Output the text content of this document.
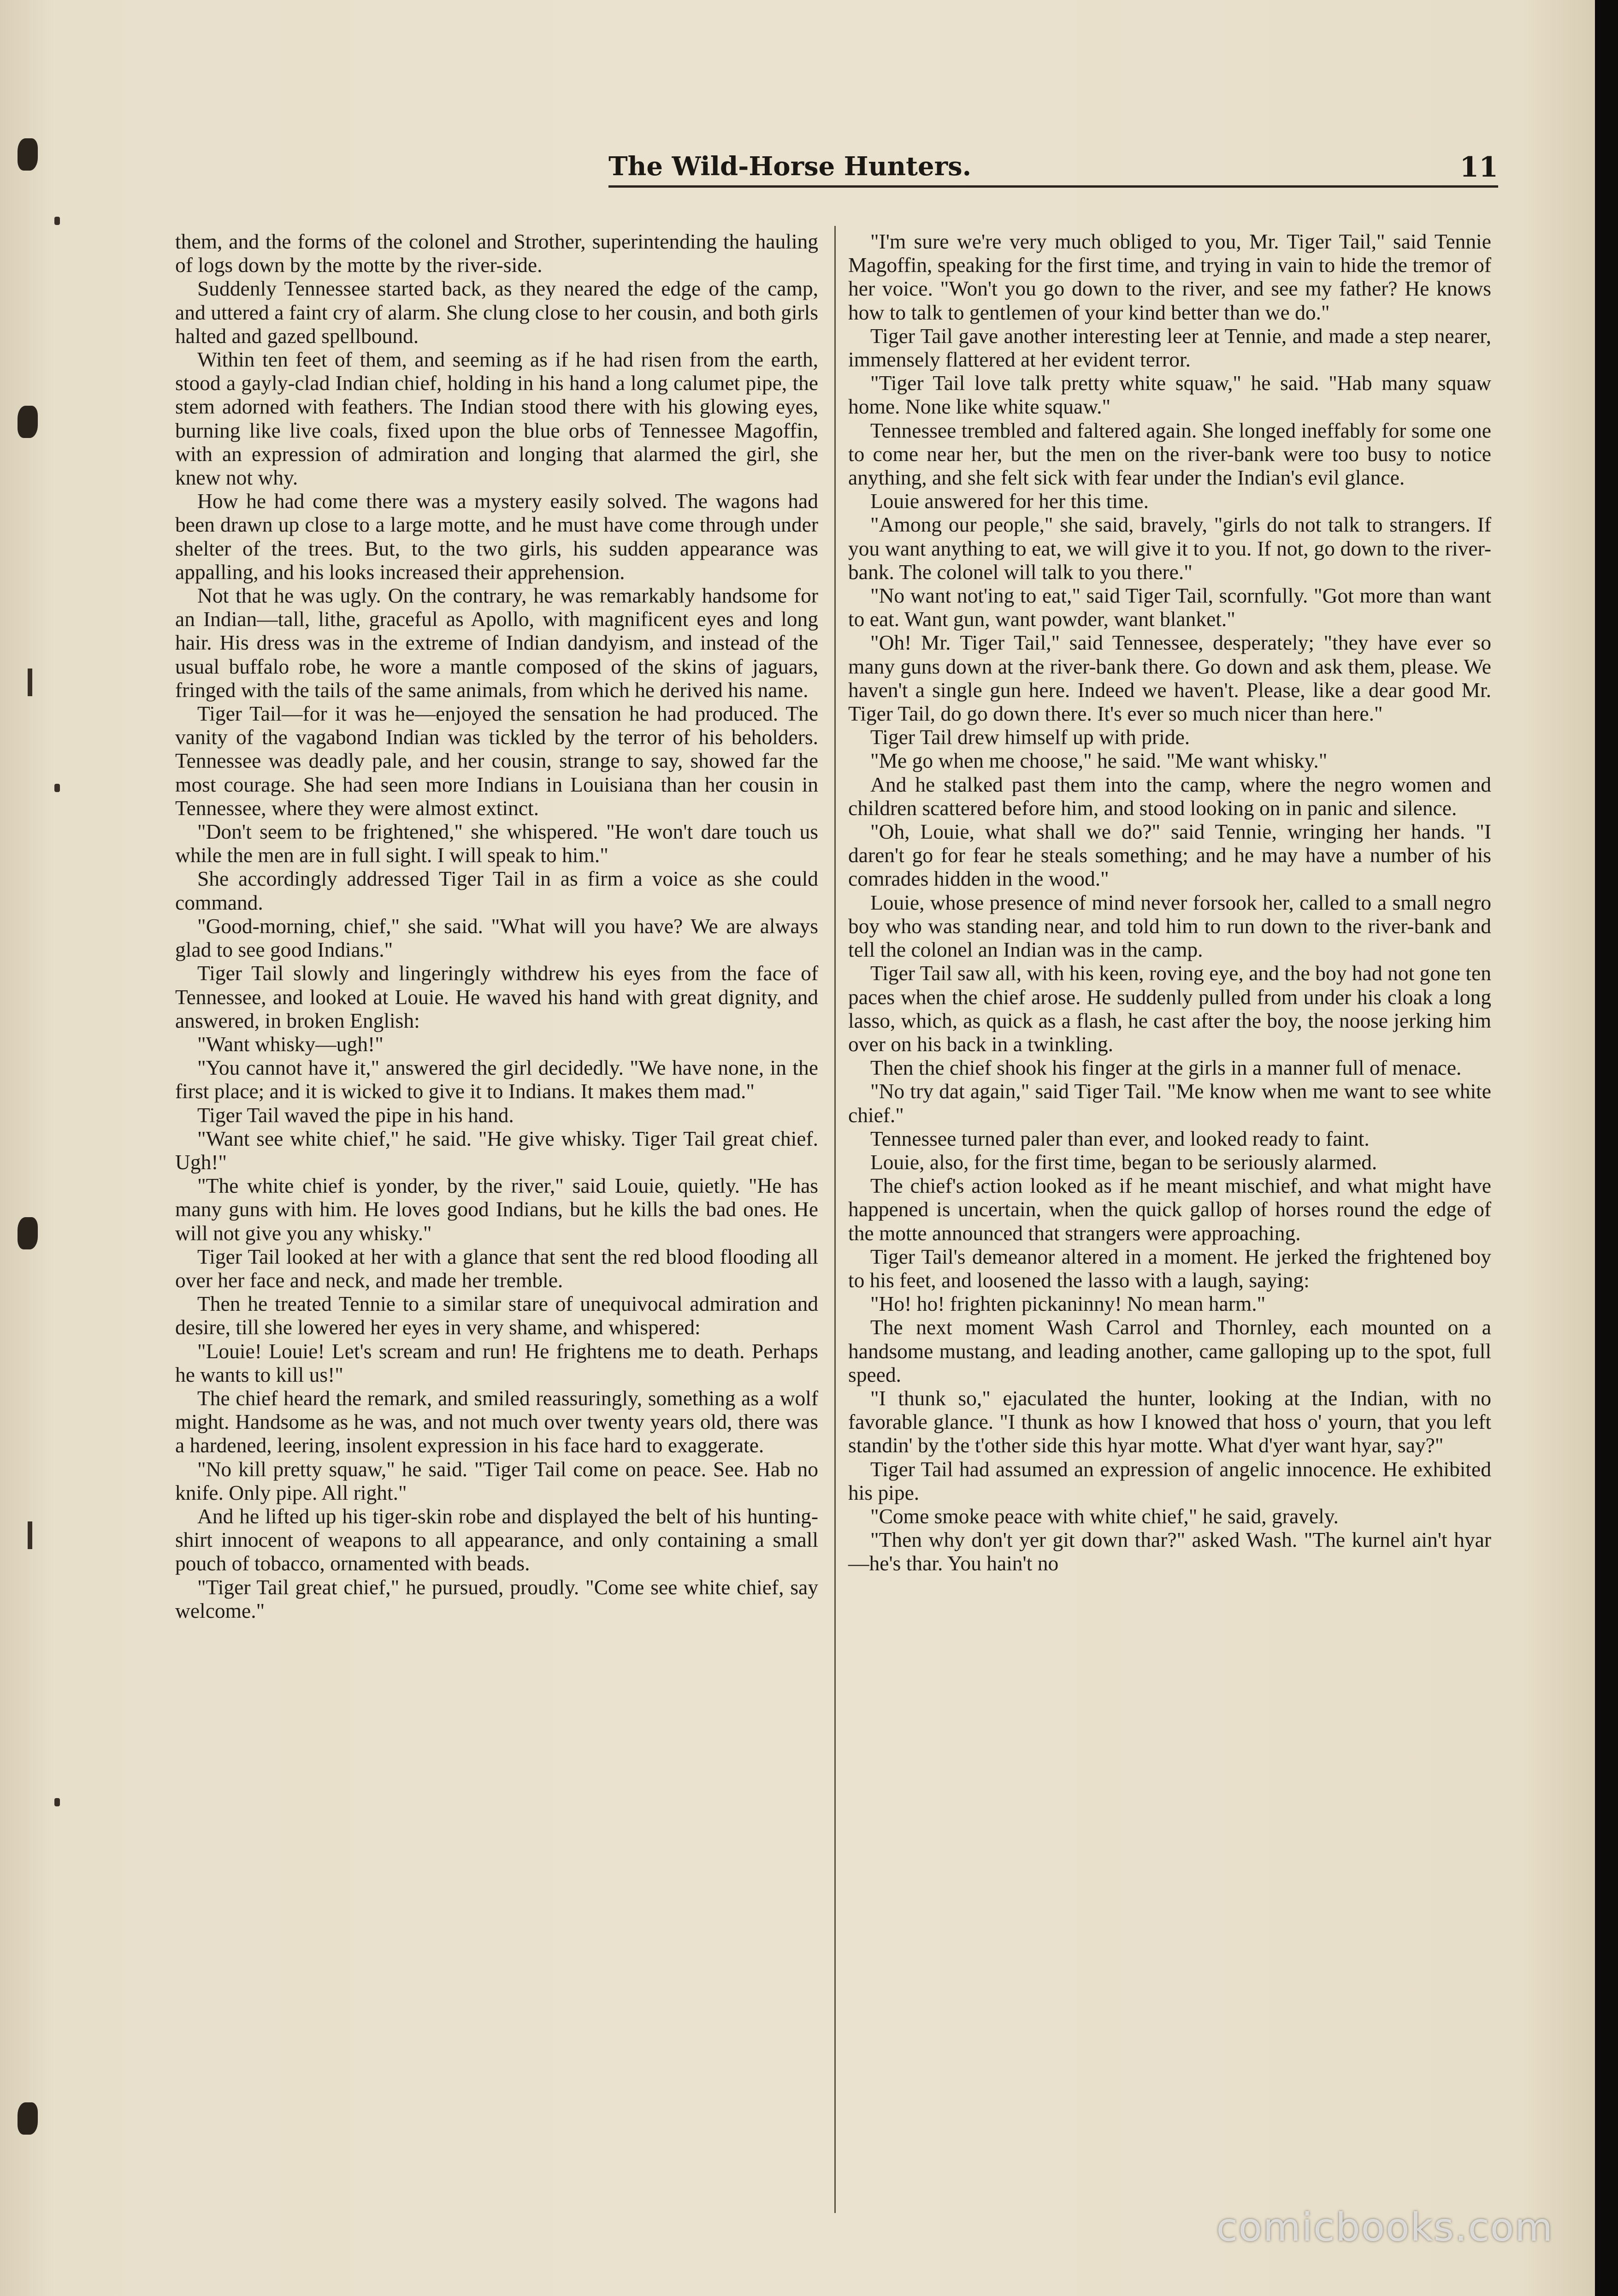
The Wild-Horse Hunters.	11

them, and the forms of the colonel and Strother, superintending the hauling of logs down by the motte by the river-side.

Suddenly Tennessee started back, as they neared the edge of the camp, and uttered a faint cry of alarm. She clung close to her cousin, and both girls halted and gazed spellbound.

Within ten feet of them, and seeming as if he had risen from the earth, stood a gayly-clad Indian chief, holding in his hand a long calumet pipe, the stem adorned with feathers. The Indian stood there with his glowing eyes, burning like live coals, fixed upon the blue orbs of Tennessee Magoffin, with an expression of admiration and longing that alarmed the girl, she knew not why.

How he had come there was a mystery easily solved. The wagons had been drawn up close to a large motte, and he must have come through under shelter of the trees. But, to the two girls, his sudden appearance was appalling, and his looks increased their apprehension.

Not that he was ugly. On the contrary, he was remarkably handsome for an Indian—tall, lithe, graceful as Apollo, with magnificent eyes and long hair. His dress was in the extreme of Indian dandyism, and instead of the usual buffalo robe, he wore a mantle composed of the skins of jaguars, fringed with the tails of the same animals, from which he derived his name.

Tiger Tail—for it was he—enjoyed the sensation he had produced. The vanity of the vagabond Indian was tickled by the terror of his beholders. Tennessee was deadly pale, and her cousin, strange to say, showed far the most courage. She had seen more Indians in Louisiana than her cousin in Tennessee, where they were almost extinct.

"Don't seem to be frightened," she whispered. "He won't dare touch us while the men are in full sight. I will speak to him."

She accordingly addressed Tiger Tail in as firm a voice as she could command.

"Good-morning, chief," she said. "What will you have? We are always glad to see good Indians."

Tiger Tail slowly and lingeringly withdrew his eyes from the face of Tennessee, and looked at Louie. He waved his hand with great dignity, and answered, in broken English:

"Want whisky—ugh!"

"You cannot have it," answered the girl decidedly. "We have none, in the first place; and it is wicked to give it to Indians. It makes them mad."

Tiger Tail waved the pipe in his hand.

"Want see white chief," he said. "He give whisky. Tiger Tail great chief. Ugh!"

"The white chief is yonder, by the river," said Louie, quietly. "He has many guns with him. He loves good Indians, but he kills the bad ones. He will not give you any whisky."

Tiger Tail looked at her with a glance that sent the red blood flooding all over her face and neck, and made her tremble.

Then he treated Tennie to a similar stare of unequivocal admiration and desire, till she lowered her eyes in very shame, and whispered:

"Louie! Louie! Let's scream and run! He frightens me to death. Perhaps he wants to kill us!"

The chief heard the remark, and smiled reassuringly, something as a wolf might. Handsome as he was, and not much over twenty years old, there was a hardened, leering, insolent expression in his face hard to exaggerate.

"No kill pretty squaw," he said. "Tiger Tail come on peace. See. Hab no knife. Only pipe. All right."

And he lifted up his tiger-skin robe and displayed the belt of his hunting-shirt innocent of weapons to all appearance, and only containing a small pouch of tobacco, ornamented with beads.

"Tiger Tail great chief," he pursued, proudly. "Come see white chief, say welcome."

"I'm sure we're very much obliged to you, Mr. Tiger Tail," said Tennie Magoffin, speaking for the first time, and trying in vain to hide the tremor of her voice. "Won't you go down to the river, and see my father? He knows how to talk to gentlemen of your kind better than we do."

Tiger Tail gave another interesting leer at Tennie, and made a step nearer, immensely flattered at her evident terror.

"Tiger Tail love talk pretty white squaw," he said. "Hab many squaw home. None like white squaw."

Tennessee trembled and faltered again. She longed ineffably for some one to come near her, but the men on the river-bank were too busy to notice anything, and she felt sick with fear under the Indian's evil glance.

Louie answered for her this time.

"Among our people," she said, bravely, "girls do not talk to strangers. If you want anything to eat, we will give it to you. If not, go down to the river-bank. The colonel will talk to you there."

"No want not'ing to eat," said Tiger Tail, scornfully. "Got more than want to eat. Want gun, want powder, want blanket."

"Oh! Mr. Tiger Tail," said Tennessee, desperately; "they have ever so many guns down at the river-bank there. Go down and ask them, please. We haven't a single gun here. Indeed we haven't. Please, like a dear good Mr. Tiger Tail, do go down there. It's ever so much nicer than here."

Tiger Tail drew himself up with pride.

"Me go when me choose," he said. "Me want whisky."

And he stalked past them into the camp, where the negro women and children scattered before him, and stood looking on in panic and silence.

"Oh, Louie, what shall we do?" said Tennie, wringing her hands. "I daren't go for fear he steals something; and he may have a number of his comrades hidden in the wood."

Louie, whose presence of mind never forsook her, called to a small negro boy who was standing near, and told him to run down to the river-bank and tell the colonel an Indian was in the camp.

Tiger Tail saw all, with his keen, roving eye, and the boy had not gone ten paces when the chief arose. He suddenly pulled from under his cloak a long lasso, which, as quick as a flash, he cast after the boy, the noose jerking him over on his back in a twinkling.

Then the chief shook his finger at the girls in a manner full of menace.

"No try dat again," said Tiger Tail. "Me know when me want to see white chief."

Tennessee turned paler than ever, and looked ready to faint.

Louie, also, for the first time, began to be seriously alarmed.

The chief's action looked as if he meant mischief, and what might have happened is uncertain, when the quick gallop of horses round the edge of the motte announced that strangers were approaching.

Tiger Tail's demeanor altered in a moment. He jerked the frightened boy to his feet, and loosened the lasso with a laugh, saying:

"Ho! ho! frighten pickaninny! No mean harm."

The next moment Wash Carrol and Thornley, each mounted on a handsome mustang, and leading another, came galloping up to the spot, full speed.

"I thunk so," ejaculated the hunter, looking at the Indian, with no favorable glance. "I thunk as how I knowed that hoss o' yourn, that you left standin' by the t'other side this hyar motte. What d'yer want hyar, say?"

Tiger Tail had assumed an expression of angelic innocence. He exhibited his pipe.

"Come smoke peace with white chief," he said, gravely.

"Then why don't yer git down thar?" asked Wash. "The kurnel ain't hyar—he's thar. You hain't no

comicbooks.com
